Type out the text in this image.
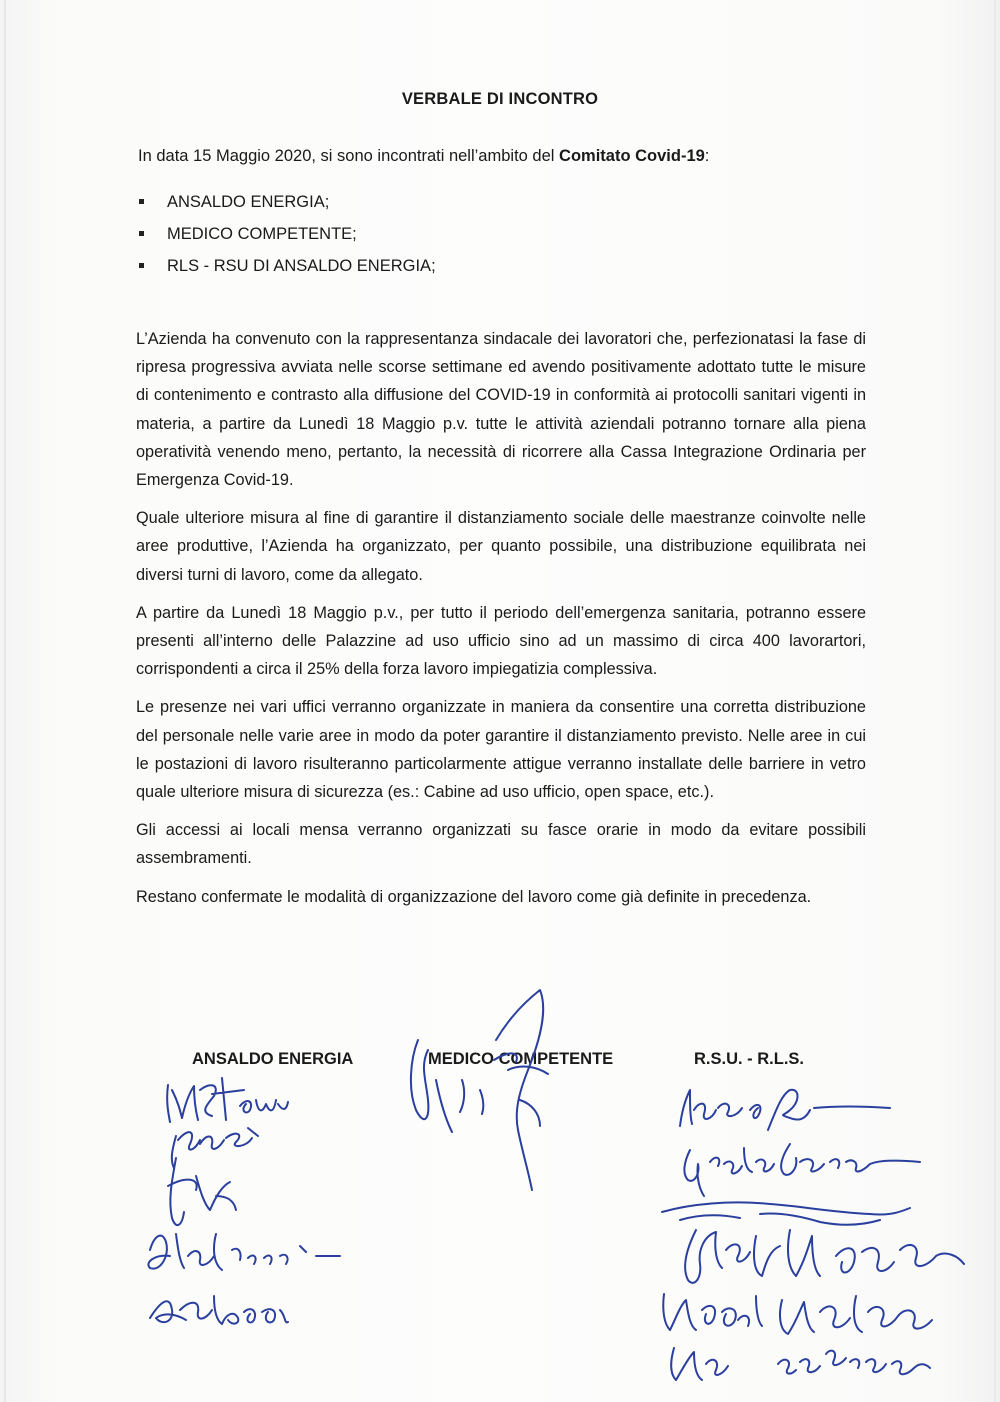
VERBALE DI INCONTRO
In data 15 Maggio 2020, si sono incontrati nell’ambito del Comitato Covid-19:
ANSALDO ENERGIA;
MEDICO COMPETENTE;
RLS - RSU DI ANSALDO ENERGIA;

L’Azienda ha convenuto con la rappresentanza sindacale dei lavoratori che, perfezionatasi la fase di ripresa progressiva avviata nelle scorse settimane ed avendo positivamente adottato tutte le misure di contenimento e contrasto alla diffusione del COVID-19 in conformità ai protocolli sanitari vigenti in materia, a partire da Lunedì 18 Maggio p.v. tutte le attività aziendali potranno tornare alla piena operatività venendo meno, pertanto, la necessità di ricorrere alla Cassa Integrazione Ordinaria per Emergenza Covid-19.

Quale ulteriore misura al fine di garantire il distanziamento sociale delle maestranze coinvolte nelle aree produttive, l’Azienda ha organizzato, per quanto possibile, una distribuzione equilibrata nei diversi turni di lavoro, come da allegato.

A partire da Lunedì 18 Maggio p.v., per tutto il periodo dell’emergenza sanitaria, potranno essere presenti all’interno delle Palazzine ad uso ufficio sino ad un massimo di circa 400 lavorartori, corrispondenti a circa il 25% della forza lavoro impiegatizia complessiva.

Le presenze nei vari uffici verranno organizzate in maniera da consentire una corretta distribuzione del personale nelle varie aree in modo da poter garantire il distanziamento previsto. Nelle aree in cui le postazioni di lavoro risulteranno particolarmente attigue verranno installate delle barriere in vetro quale ulteriore misura di sicurezza (es.: Cabine ad uso ufficio, open space, etc.).

Gli accessi ai locali mensa verranno organizzati su fasce orarie in modo da evitare possibili assembramenti.

Restano confermate le modalità di organizzazione del lavoro come già definite in precedenza.

ANSALDO ENERGIA	MEDICO COMPETENTE	R.S.U. - R.L.S.
